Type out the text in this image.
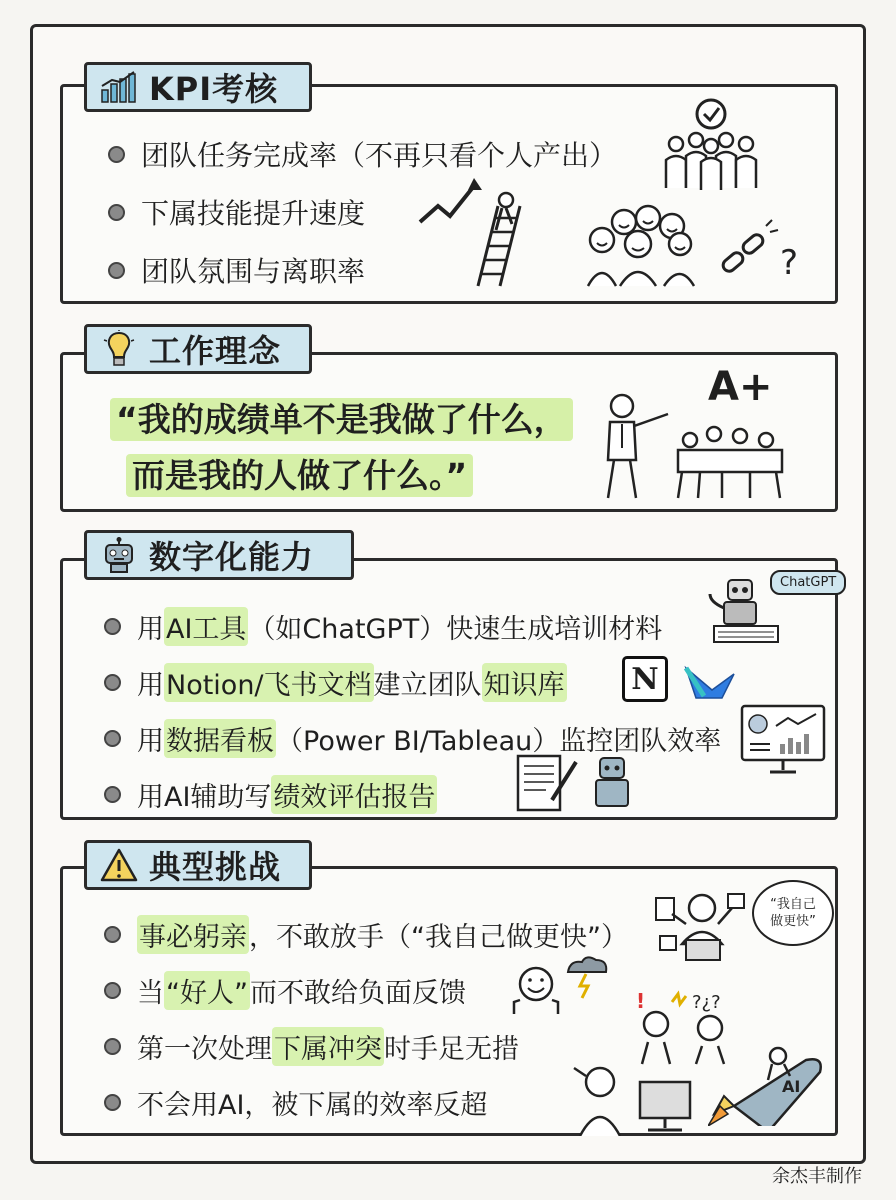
KPI考核
团队任务完成率（不再只看个人产出）
下属技能提升速度
团队氛围与离职率	?
工作理念
“我的成绩单不是我做了什么，
而是我的人做了什么。”
A+
数字化能力
用 AI工具 （如ChatGPT）快速生成培训材料
用 Notion/飞书文档 建立团队 知识库
用 数据看板 （Power BI/Tableau）监控团队效率
用AI辅助写 绩效评估报告
ChatGPT
N
典型挑战
事必躬亲 ，不敢放手（“我自己做更快”）
当 “好人” 而不敢给负面反馈
第一次处理 下属冲突 时手足无措
不会用AI，被下属的效率反超
“我自己
做更快”
?¿?
!
AI
余杰丰制作
